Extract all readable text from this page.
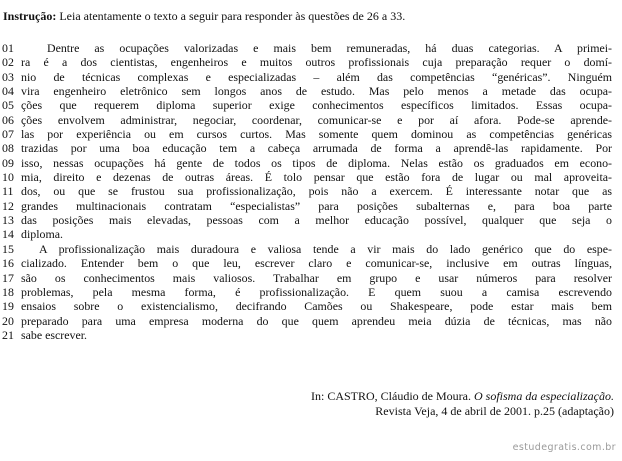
Instrução: Leia atentamente o texto a seguir para responder às questões de 26 a 33.
01	Dentre as ocupações valorizadas e mais bem remuneradas, há duas categorias. A primei-
02 ra é a dos cientistas, engenheiros e muitos outros profissionais cuja preparação requer o domí-
03 nio de técnicas complexas e especializadas – além das competências “genéricas”. Ninguém
04 vira engenheiro eletrônico sem longos anos de estudo. Mas pelo menos a metade das ocupa-
05 ções que requerem diploma superior exige conhecimentos específicos limitados. Essas ocupa-
06 ções envolvem administrar, negociar, coordenar, comunicar-se e por aí afora. Pode-se aprende-
07 las por experiência ou em cursos curtos. Mas somente quem dominou as competências genéricas
08 trazidas por uma boa educação tem a cabeça arrumada de forma a aprendê-las rapidamente. Por
09 isso, nessas ocupações há gente de todos os tipos de diploma. Nelas estão os graduados em econo-
10 mia, direito e dezenas de outras áreas. É tolo pensar que estão fora de lugar ou mal aproveita-
11 dos, ou que se frustou sua profissionalização, pois não a exercem. É interessante notar que as
12 grandes multinacionais contratam “especialistas” para posições subalternas e, para boa parte
13 das posições mais elevadas, pessoas com a melhor educação possível, qualquer que seja o
14 diploma.
15	A profissionalização mais duradoura e valiosa tende a vir mais do lado genérico que do espe-
16 cializado. Entender bem o que leu, escrever claro e comunicar-se, inclusive em outras línguas,
17 são os conhecimentos mais valiosos. Trabalhar em grupo e usar números para resolver
18 problemas, pela mesma forma, é profissionalização. E quem suou a camisa escrevendo
19 ensaios sobre o existencialismo, decifrando Camões ou Shakespeare, pode estar mais bem
20 preparado para uma empresa moderna do que quem aprendeu meia dúzia de técnicas, mas não
21 sabe escrever.
In: CASTRO, Cláudio de Moura. O sofisma da especialização.
Revista Veja, 4 de abril de 2001. p.25 (adaptação)
estudegratis.com.br
